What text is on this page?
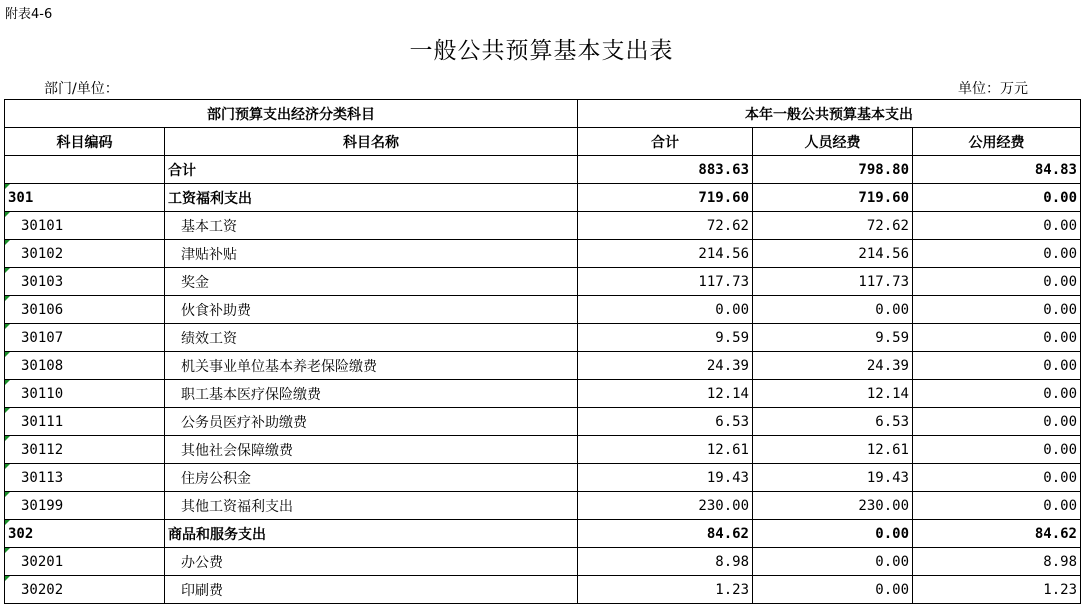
附表4-6
一般公共预算基本支出表
部门/单位：	单位：万元
部门预算支出经济分类科目		本年一般公共预算基本支出		
科目编码	科目名称	合计	人员经费	公用经费
	合计	883.63	798.80	84.83

301	工资福利支出	719.60	719.60	0.00

30101	基本工资	72.62	72.62	0.00

30102	津贴补贴	214.56	214.56	0.00

30103	奖金	117.73	117.73	0.00

30106	伙食补助费	0.00	0.00	0.00

30107	绩效工资	9.59	9.59	0.00

30108	机关事业单位基本养老保险缴费	24.39	24.39	0.00

30110	职工基本医疗保险缴费	12.14	12.14	0.00

30111	公务员医疗补助缴费	6.53	6.53	0.00

30112	其他社会保障缴费	12.61	12.61	0.00

30113	住房公积金	19.43	19.43	0.00

30199	其他工资福利支出	230.00	230.00	0.00

302	商品和服务支出	84.62	0.00	84.62

30201	办公费	8.98	0.00	8.98

30202	印刷费	1.23	0.00	1.23
